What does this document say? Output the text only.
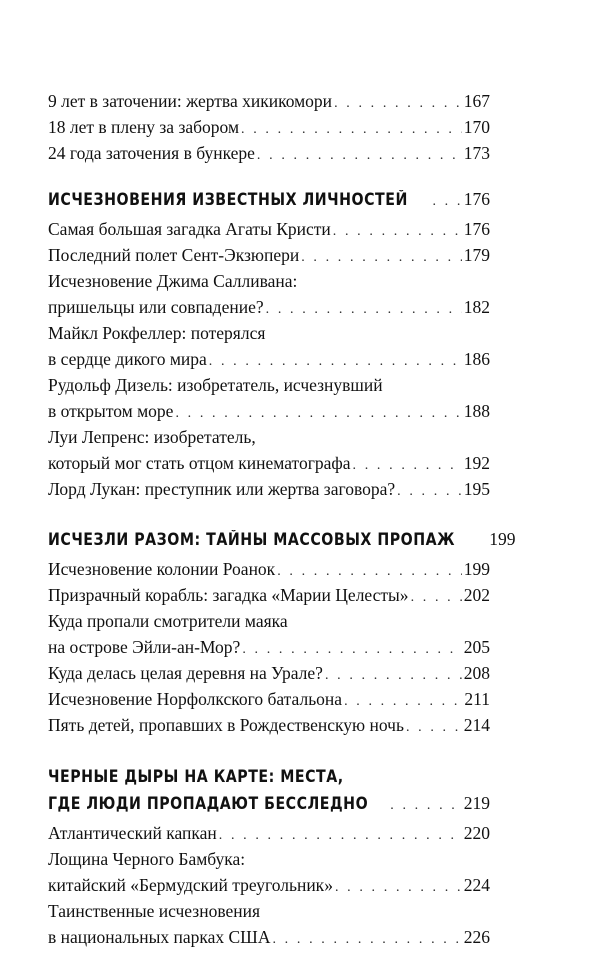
9 лет в заточении: жертва хикикомори . . .	167
18 лет в плену за забором . . .	170
24 года заточения в бункере . . .	173
ИСЧЕЗНОВЕНИЯ ИЗВЕСТНЫХ ЛИЧНОСТЕЙ . . .	176
Самая большая загадка Агаты Кристи . . .	176
Последний полет Сент-Экзюпери . . .	179
Исчезновение Джима Салливана:
пришельцы или совпадение? . . .	182
Майкл Рокфеллер: потерялся
в сердце дикого мира . . .	186
Рудольф Дизель: изобретатель, исчезнувший
в открытом море . . .	188
Луи Лепренс: изобретатель,
который мог стать отцом кинематографа . . .	192
Лорд Лукан: преступник или жертва заговора? . . .	195
ИСЧЕЗЛИ РАЗОМ: ТАЙНЫ МАССОВЫХ ПРОПАЖ 199
Исчезновение колонии Роанок . . .	199
Призрачный корабль: загадка «Марии Целесты» . . .	202
Куда пропали смотрители маяка
на острове Эйли-ан-Мор? . . .	205
Куда делась целая деревня на Урале? . . .	208
Исчезновение Норфолкского батальона . . .	211
Пять детей, пропавших в Рождественскую ночь . . .	214
ЧЕРНЫЕ ДЫРЫ НА КАРТЕ: МЕСТА,
ГДЕ ЛЮДИ ПРОПАДАЮТ БЕССЛЕДНО . . .	219
Атлантический капкан . . .	220
Лощина Черного Бамбука:
китайский «Бермудский треугольник» . . .	224
Таинственные исчезновения
в национальных парках США . . .	226
